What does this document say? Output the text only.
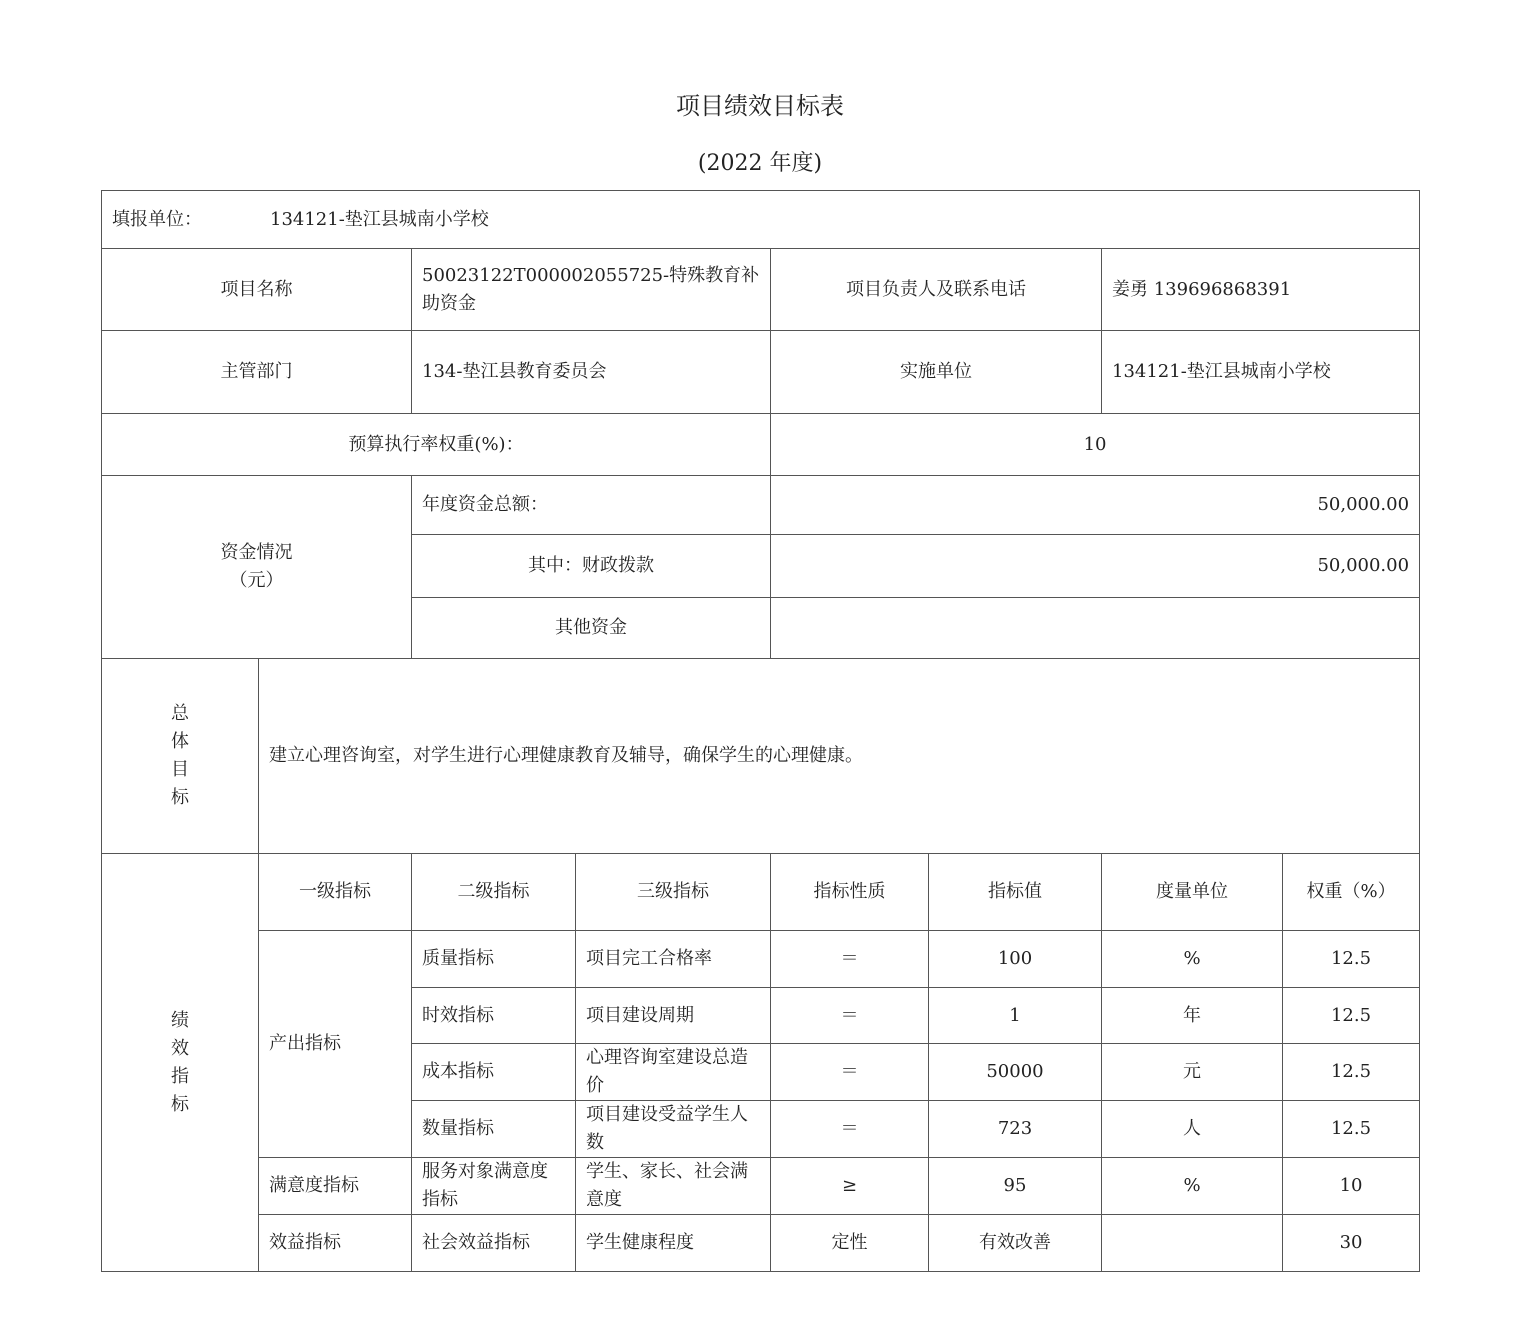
项目绩效目标表
(2022 年度)
填报单位： 134121-垫江县城南小学校							
项目名称		50023122T000002055725-特殊教育补助资金		项目负责人及联系电话		姜勇 139696868391	
主管部门		134-垫江县教育委员会		实施单位		134121-垫江县城南小学校	
预算执行率权重(%)：				10			

资金情况
（元）		年度资金总额：		50,000.00			
		其中：财政拨款		50,000.00			
		其他资金					

总
体
目
标	建立心理咨询室，对学生进行心理健康教育及辅导，确保学生的心理健康。						

绩
效
指
标	一级指标	二级指标	三级指标	指标性质	指标值	度量单位	权重（%）
	产出指标	质量指标	项目完工合格率	＝	100	%	12.5
		时效指标	项目建设周期	＝	1	年	12.5
		成本指标	心理咨询室建设总造价	＝	50000	元	12.5
		数量指标	项目建设受益学生人数	＝	723	人	12.5
	满意度指标	服务对象满意度指标	学生、家长、社会满意度	≥	95	%	10
	效益指标	社会效益指标	学生健康程度	定性	有效改善		30
